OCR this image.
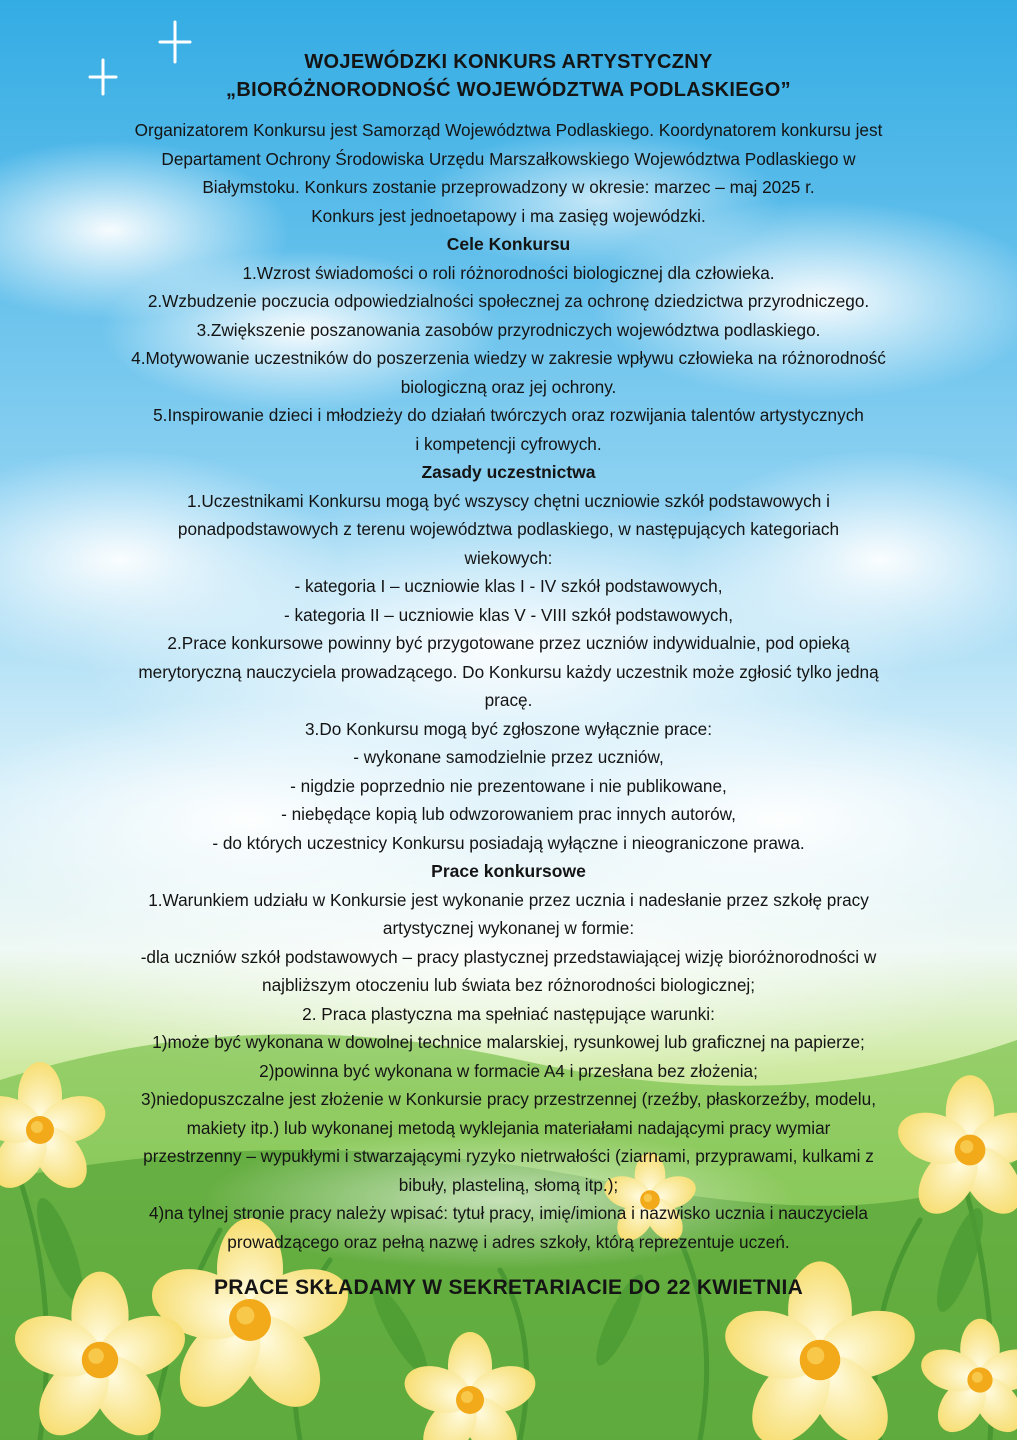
WOJEWÓDZKI KONKURS ARTYSTYCZNY

„BIORÓŻNORODNOŚĆ WOJEWÓDZTWA PODLASKIEGO”

Organizatorem Konkursu jest Samorząd Województwa Podlaskiego. Koordynatorem konkursu jest

Departament Ochrony Środowiska Urzędu Marszałkowskiego Województwa Podlaskiego w

Białymstoku. Konkurs zostanie przeprowadzony w okresie: marzec – maj 2025 r.

Konkurs jest jednoetapowy i ma zasięg wojewódzki.

Cele Konkursu

1.Wzrost świadomości o roli różnorodności biologicznej dla człowieka.

2.Wzbudzenie poczucia odpowiedzialności społecznej za ochronę dziedzictwa przyrodniczego.

3.Zwiększenie poszanowania zasobów przyrodniczych województwa podlaskiego.

4.Motywowanie uczestników do poszerzenia wiedzy w zakresie wpływu człowieka na różnorodność
biologiczną oraz jej ochrony.

5.Inspirowanie dzieci i młodzieży do działań twórczych oraz rozwijania talentów artystycznych
i kompetencji cyfrowych.

Zasady uczestnictwa

1.Uczestnikami Konkursu mogą być wszyscy chętni uczniowie szkół podstawowych i
ponadpodstawowych z terenu województwa podlaskiego, w następujących kategoriach
wiekowych:

- kategoria I – uczniowie klas I - IV szkół podstawowych,

- kategoria II – uczniowie klas V - VIII szkół podstawowych,

2.Prace konkursowe powinny być przygotowane przez uczniów indywidualnie, pod opieką
merytoryczną nauczyciela prowadzącego. Do Konkursu każdy uczestnik może zgłosić tylko jedną
pracę.

3.Do Konkursu mogą być zgłoszone wyłącznie prace:

- wykonane samodzielnie przez uczniów,

- nigdzie poprzednio nie prezentowane i nie publikowane,

- niebędące kopią lub odwzorowaniem prac innych autorów,

- do których uczestnicy Konkursu posiadają wyłączne i nieograniczone prawa.

Prace konkursowe

1.Warunkiem udziału w Konkursie jest wykonanie przez ucznia i nadesłanie przez szkołę pracy
artystycznej wykonanej w formie:

-dla uczniów szkół podstawowych – pracy plastycznej przedstawiającej wizję bioróżnorodności w
najbliższym otoczeniu lub świata bez różnorodności biologicznej;

2. Praca plastyczna ma spełniać następujące warunki:

1)może być wykonana w dowolnej technice malarskiej, rysunkowej lub graficznej na papierze;

2)powinna być wykonana w formacie A4 i przesłana bez złożenia;

3)niedopuszczalne jest złożenie w Konkursie pracy przestrzennej (rzeźby, płaskorzeźby, modelu,
makiety itp.) lub wykonanej metodą wyklejania materiałami nadającymi pracy wymiar
przestrzenny – wypukłymi i stwarzającymi ryzyko nietrwałości (ziarnami, przyprawami, kulkami z
bibuły, plasteliną, słomą itp.);

4)na tylnej stronie pracy należy wpisać: tytuł pracy, imię/imiona i nazwisko ucznia i nauczyciela
prowadzącego oraz pełną nazwę i adres szkoły, którą reprezentuje uczeń.

PRACE SKŁADAMY W SEKRETARIACIE DO 22 KWIETNIA
